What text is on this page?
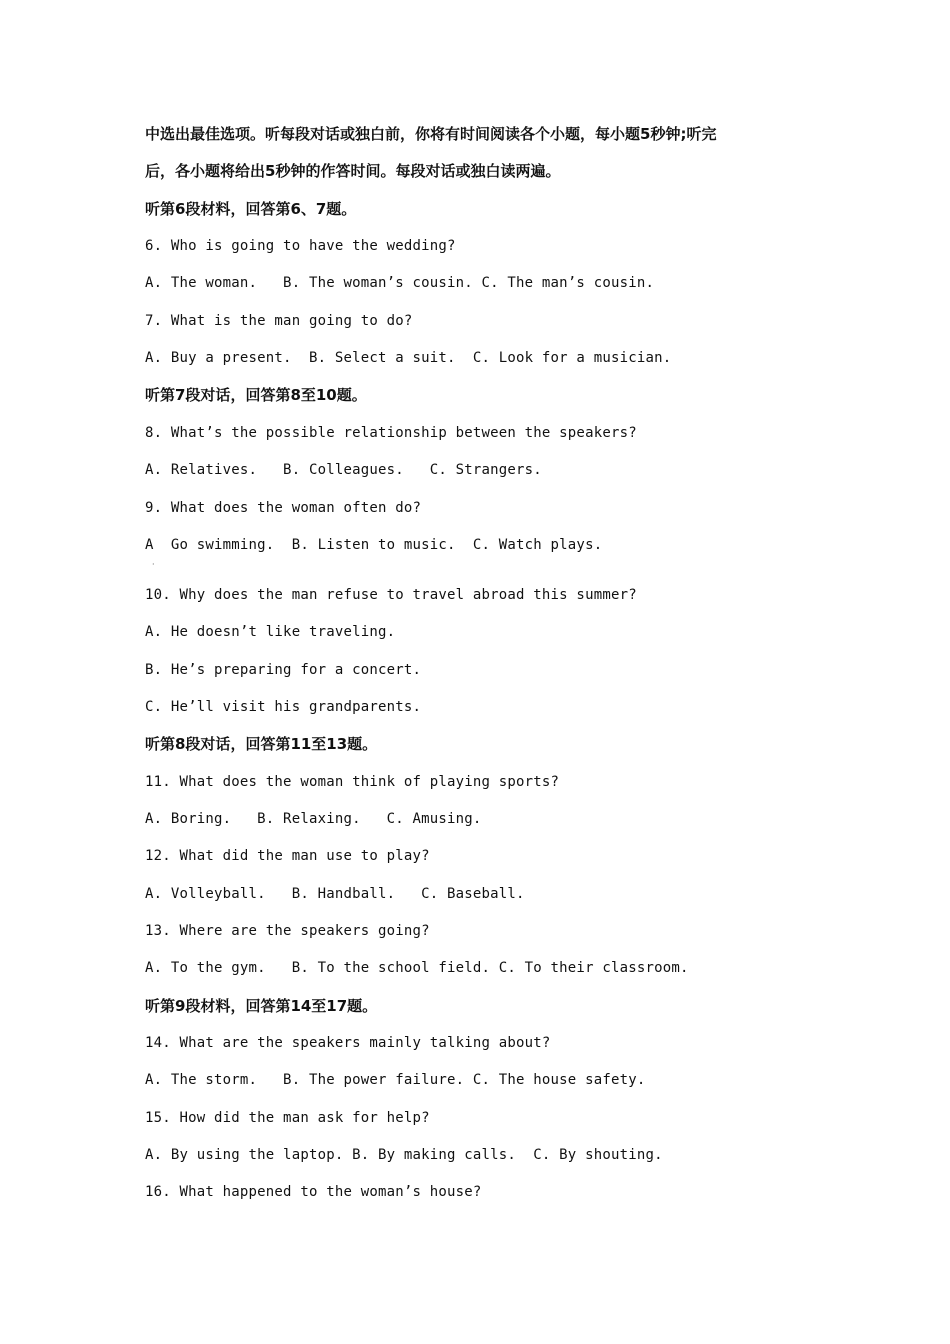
中选出最佳选项。听每段对话或独白前，你将有时间阅读各个小题，每小题5秒钟;听完
后，各小题将给出5秒钟的作答时间。每段对话或独白读两遍。
听第6段材料，回答第6、7题。
6. Who is going to have the wedding?
A. The woman.   B. The woman’s cousin. C. The man’s cousin.
7. What is the man going to do?
A. Buy a present.  B. Select a suit.  C. Look for a musician.
听第7段对话，回答第8至10题。
8. What’s the possible relationship between the speakers?
A. Relatives.   B. Colleagues.   C. Strangers.
9. What does the woman often do?
A  Go swimming.  B. Listen to music.  C. Watch plays.
·
10. Why does the man refuse to travel abroad this summer?
A. He doesn’t like traveling.
B. He’s preparing for a concert.
C. He’ll visit his grandparents.
听第8段对话，回答第11至13题。
11. What does the woman think of playing sports?
A. Boring.   B. Relaxing.   C. Amusing.
12. What did the man use to play?
A. Volleyball.   B. Handball.   C. Baseball.
13. Where are the speakers going?
A. To the gym.   B. To the school field. C. To their classroom.
听第9段材料，回答第14至17题。
14. What are the speakers mainly talking about?
A. The storm.   B. The power failure. C. The house safety.
15. How did the man ask for help?
A. By using the laptop. B. By making calls.  C. By shouting.
16. What happened to the woman’s house?
